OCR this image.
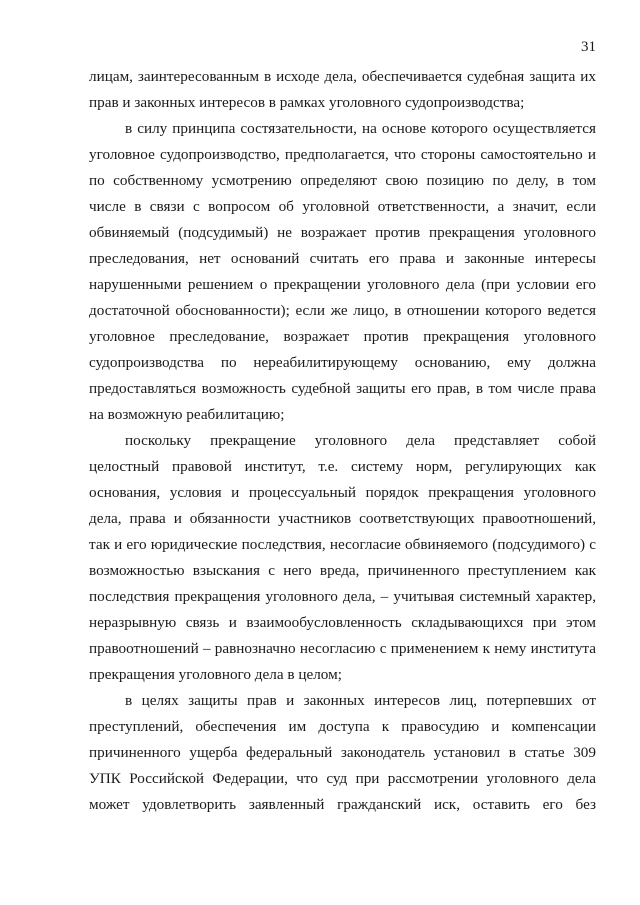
31

лицам, заинтересованным в исходе дела, обеспечивается судебная защита их
прав и законных интересов в рамках уголовного судопроизводства;

в силу принципа состязательности, на основе которого осуществляется
уголовное судопроизводство, предполагается, что стороны самостоятельно и
по собственному усмотрению определяют свою позицию по делу, в том
числе в связи с вопросом об уголовной ответственности, а значит, если
обвиняемый (подсудимый) не возражает против прекращения уголовного
преследования, нет оснований считать его права и законные интересы
нарушенными решением о прекращении уголовного дела (при условии его
достаточной обоснованности); если же лицо, в отношении которого ведется
уголовное преследование, возражает против прекращения уголовного
судопроизводства по нереабилитирующему основанию, ему должна
предоставляться возможность судебной защиты его прав, в том числе права
на возможную реабилитацию;

поскольку прекращение уголовного дела представляет собой
целостный правовой институт, т.е. систему норм, регулирующих как
основания, условия и процессуальный порядок прекращения уголовного
дела, права и обязанности участников соответствующих правоотношений,
так и его юридические последствия, несогласие обвиняемого (подсудимого) с
возможностью взыскания с него вреда, причиненного преступлением как
последствия прекращения уголовного дела, – учитывая системный характер,
неразрывную связь и взаимообусловленность складывающихся при этом
правоотношений – равнозначно несогласию с применением к нему института
прекращения уголовного дела в целом;

в целях защиты прав и законных интересов лиц, потерпевших от
преступлений, обеспечения им доступа к правосудию и компенсации
причиненного ущерба федеральный законодатель установил в статье 309
УПК Российской Федерации, что суд при рассмотрении уголовного дела
может удовлетворить заявленный гражданский иск, оставить его без
